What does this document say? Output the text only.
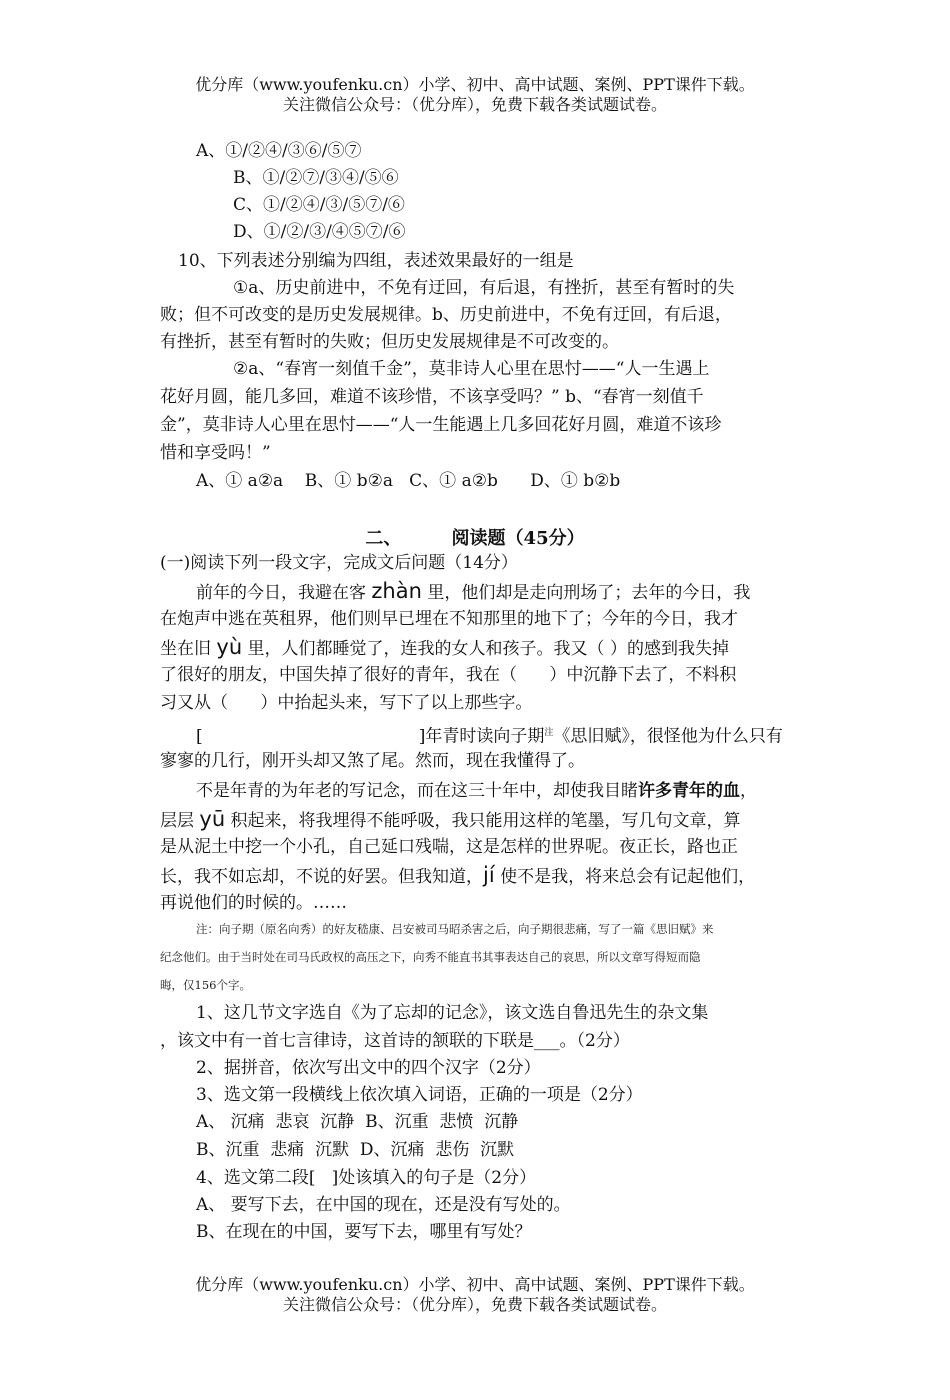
优分库（www.youfenku.cn）小学、初中、高中试题、案例、PPT课件下载。
关注微信公众号：（优分库），免费下载各类试题试卷。
A、①/②④/③⑥/⑤⑦
B、①/②⑦/③④/⑤⑥
C、①/②④/③/⑤⑦/⑥
D、①/②/③/④⑤⑦/⑥
10、下列表述分别编为四组，表述效果最好的一组是
①a、历史前进中，不免有迂回，有后退，有挫折，甚至有暂时的失
败；但不可改变的是历史发展规律。b、历史前进中，不免有迂回，有后退，
有挫折，甚至有暂时的失败；但历史发展规律是不可改变的。
②a、“春宵一刻值千金”，莫非诗人心里在思忖——“人一生遇上
花好月圆，能几多回，难道不该珍惜，不该享受吗？” b、“春宵一刻值千
金”，莫非诗人心里在思忖——“人一生能遇上几多回花好月圆，难道不该珍
惜和享受吗！”
A、① a②a    B、① b②a   C、① a②b      D、① b②b
二、        阅读题（45分）
(一)阅读下列一段文字，完成文后问题（14分）
前年的今日，我避在客 zhàn 里，他们却是走向刑场了；去年的今日，我
在炮声中逃在英租界，他们则早已埋在不知那里的地下了；今年的今日，我才
坐在旧 yù 里，人们都睡觉了，连我的女人和孩子。我又（ ）的感到我失掉
了很好的朋友，中国失掉了很好的青年，我在（      ）中沉静下去了，不料积
习又从（      ）中抬起头来，写下了以上那些字。
[                                        ]年青时读向子期$^注$《思旧赋》，很怪他为什么只有
寥寥的几行，刚开头却又煞了尾。然而，现在我懂得了。
不是年青的为年老的写记念，而在这三十年中，却使我目睹许多青年的血，
层层 yū 积起来，将我埋得不能呼吸，我只能用这样的笔墨，写几句文章，算
是从泥土中挖一个小孔，自己延口残喘，这是怎样的世界呢。夜正长，路也正
长，我不如忘却，不说的好罢。但我知道，jí 使不是我，将来总会有记起他们，
再说他们的时候的。……
注：向子期（原名向秀）的好友嵇康、吕安被司马昭杀害之后，向子期很悲痛，写了一篇《思旧赋》来
纪念他们。由于当时处在司马氏政权的高压之下，向秀不能直书其事表达自己的哀思，所以文章写得短而隐
晦，仅156个字。
1、这几节文字选自《为了忘却的记念》，该文选自鲁迅先生的杂文集
，该文中有一首七言律诗，这首诗的颔联的下联是___。（2分）
2、据拼音，依次写出文中的四个汉字（2分）
3、选文第一段横线上依次填入词语，正确的一项是（2分）
A、 沉痛  悲哀  沉静  B、沉重  悲愤  沉静
B、沉重  悲痛  沉默  D、沉痛  悲伤  沉默
4、选文第二段[   ]处该填入的句子是（2分）
A、 要写下去，在中国的现在，还是没有写处的。
B、在现在的中国，要写下去，哪里有写处？
优分库（www.youfenku.cn）小学、初中、高中试题、案例、PPT课件下载。
关注微信公众号：（优分库），免费下载各类试题试卷。
